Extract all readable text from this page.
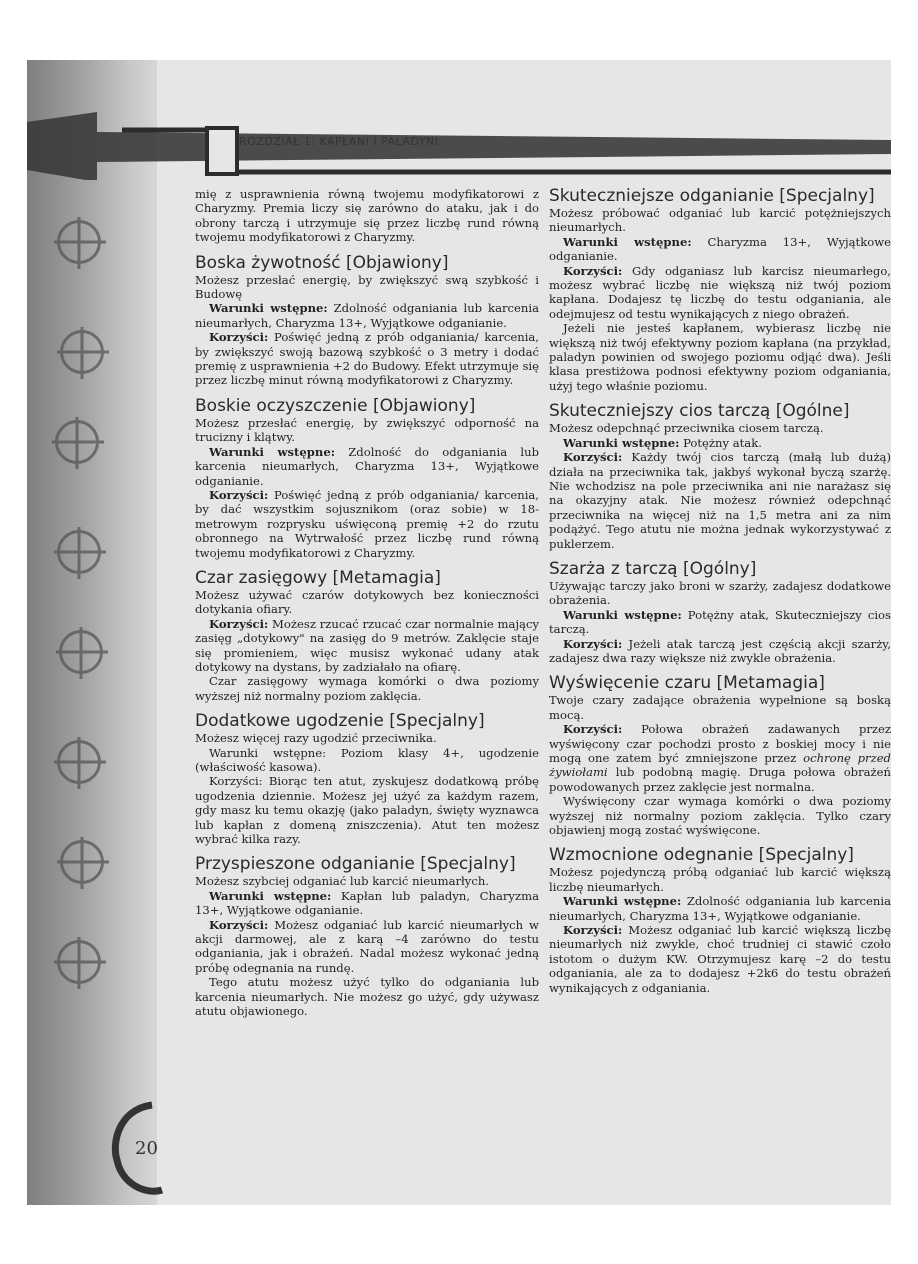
ROZDZIAŁ 1: KAPŁANI I PALADYNI
20

mię z usprawnienia równą twojemu modyfikatorowi z Charyzmy. Premia liczy się zarówno do ataku, jak i do obrony tarczą i utrzymuje się przez liczbę rund równą twojemu modyfikatorowi z Charyzmy.

Boska żywotność [Objawiony]

Możesz przesłać energię, by zwiększyć swą szybkość i Budowę

Warunki wstępne: Zdolność odganiania lub karcenia nieumarłych, Charyzma 13+, Wyjątkowe odganianie.

Korzyści: Poświęć jedną z prób odganiania/ karcenia, by zwiększyć swoją bazową szybkość o 3 metry i dodać premię z usprawnienia +2 do Budowy. Efekt utrzymuje się przez liczbę minut równą modyfikatorowi z Charyzmy.

Boskie oczyszczenie [Objawiony]

Możesz przesłać energię, by zwiększyć odporność na trucizny i klątwy.

Warunki wstępne: Zdolność do odganiania lub karcenia nieumarłych, Charyzma 13+, Wyjątkowe odganianie.

Korzyści: Poświęć jedną z prób odganiania/ karcenia, by dać wszystkim sojusznikom (oraz sobie) w 18-metrowym rozprysku uświęconą premię +2 do rzutu obronnego na Wytrwałość przez liczbę rund równą twojemu modyfikatorowi z Charyzmy.

Czar zasięgowy [Metamagia]

Możesz używać czarów dotykowych bez konieczności dotykania ofiary.

Korzyści: Możesz rzucać rzucać czar normalnie mający zasięg „dotykowy" na zasięg do 9 metrów. Zaklęcie staje się promieniem, więc musisz wykonać udany atak dotykowy na dystans, by zadziałało na ofiarę.

Czar zasięgowy wymaga komórki o dwa poziomy wyższej niż normalny poziom zaklęcia.

Dodatkowe ugodzenie [Specjalny]

Możesz więcej razy ugodzić przeciwnika.

Warunki wstępne: Poziom klasy 4+, ugodzenie (właściwość kasowa).

Korzyści: Biorąc ten atut, zyskujesz dodatkową próbę ugodzenia dziennie. Możesz jej użyć za każdym razem, gdy masz ku temu okazję (jako paladyn, święty wyznawca lub kapłan z domeną zniszczenia). Atut ten możesz wybrać kilka razy.

Przyspieszone odganianie [Specjalny]

Możesz szybciej odganiać lub karcić nieumarłych.

Warunki wstępne: Kapłan lub paladyn, Charyzma 13+, Wyjątkowe odganianie.

Korzyści: Możesz odganiać lub karcić nieumarłych w akcji darmowej, ale z karą –4 zarówno do testu odganiania, jak i obrażeń. Nadal możesz wykonać jedną próbę odegnania na rundę.

Tego atutu możesz użyć tylko do odganiania lub karcenia nieumarłych. Nie możesz go użyć, gdy używasz atutu objawionego.

Skuteczniejsze odganianie [Specjalny]

Możesz próbować odganiać lub karcić potężniejszych nieumarłych.

Warunki wstępne: Charyzma 13+, Wyjątkowe odganianie.

Korzyści: Gdy odganiasz lub karcisz nieumarłego, możesz wybrać liczbę nie większą niż twój poziom kapłana. Dodajesz tę liczbę do testu odganiania, ale odejmujesz od testu wynikających z niego obrażeń.

Jeżeli nie jesteś kapłanem, wybierasz liczbę nie większą niż twój efektywny poziom kapłana (na przykład, paladyn powinien od swojego poziomu odjąć dwa). Jeśli klasa prestiżowa podnosi efektywny poziom odganiania, użyj tego właśnie poziomu.

Skuteczniejszy cios tarczą [Ogólne]

Możesz odepchnąć przeciwnika ciosem tarczą.

Warunki wstępne: Potężny atak.

Korzyści: Każdy twój cios tarczą (małą lub dużą) działa na przeciwnika tak, jakbyś wykonał byczą szarżę. Nie wchodzisz na pole przeciwnika ani nie narażasz się na okazyjny atak. Nie możesz również odepchnąć przeciwnika na więcej niż na 1,5 metra ani za nim podążyć. Tego atutu nie można jednak wykorzystywać z puklerzem.

Szarża z tarczą [Ogólny]

Używając tarczy jako broni w szarży, zadajesz dodatkowe obrażenia.

Warunki wstępne: Potężny atak, Skuteczniejszy cios tarczą.

Korzyści: Jeżeli atak tarczą jest częścią akcji szarży, zadajesz dwa razy większe niż zwykle obrażenia.

Wyświęcenie czaru [Metamagia]

Twoje czary zadające obrażenia wypełnione są boską mocą.

Korzyści: Połowa obrażeń zadawanych przez wyświęcony czar pochodzi prosto z boskiej mocy i nie mogą one zatem być zmniejszone przez ochronę przed żywiołami lub podobną magię. Druga połowa obrażeń powodowanych przez zaklęcie jest normalna.

Wyświęcony czar wymaga komórki o dwa poziomy wyższej niż normalny poziom zaklęcia. Tylko czary objawienj mogą zostać wyświęcone.

Wzmocnione odegnanie [Specjalny]

Możesz pojedynczą próbą odganiać lub karcić większą liczbę nieumarłych.

Warunki wstępne: Zdolność odganiania lub karcenia nieumarłych, Charyzma 13+, Wyjątkowe odganianie.

Korzyści: Możesz odganiać lub karcić większą liczbę nieumarłych niż zwykle, choć trudniej ci stawić czoło istotom o dużym KW. Otrzymujesz karę –2 do testu odganiania, ale za to dodajesz +2k6 do testu obrażeń wynikających z odganiania.
